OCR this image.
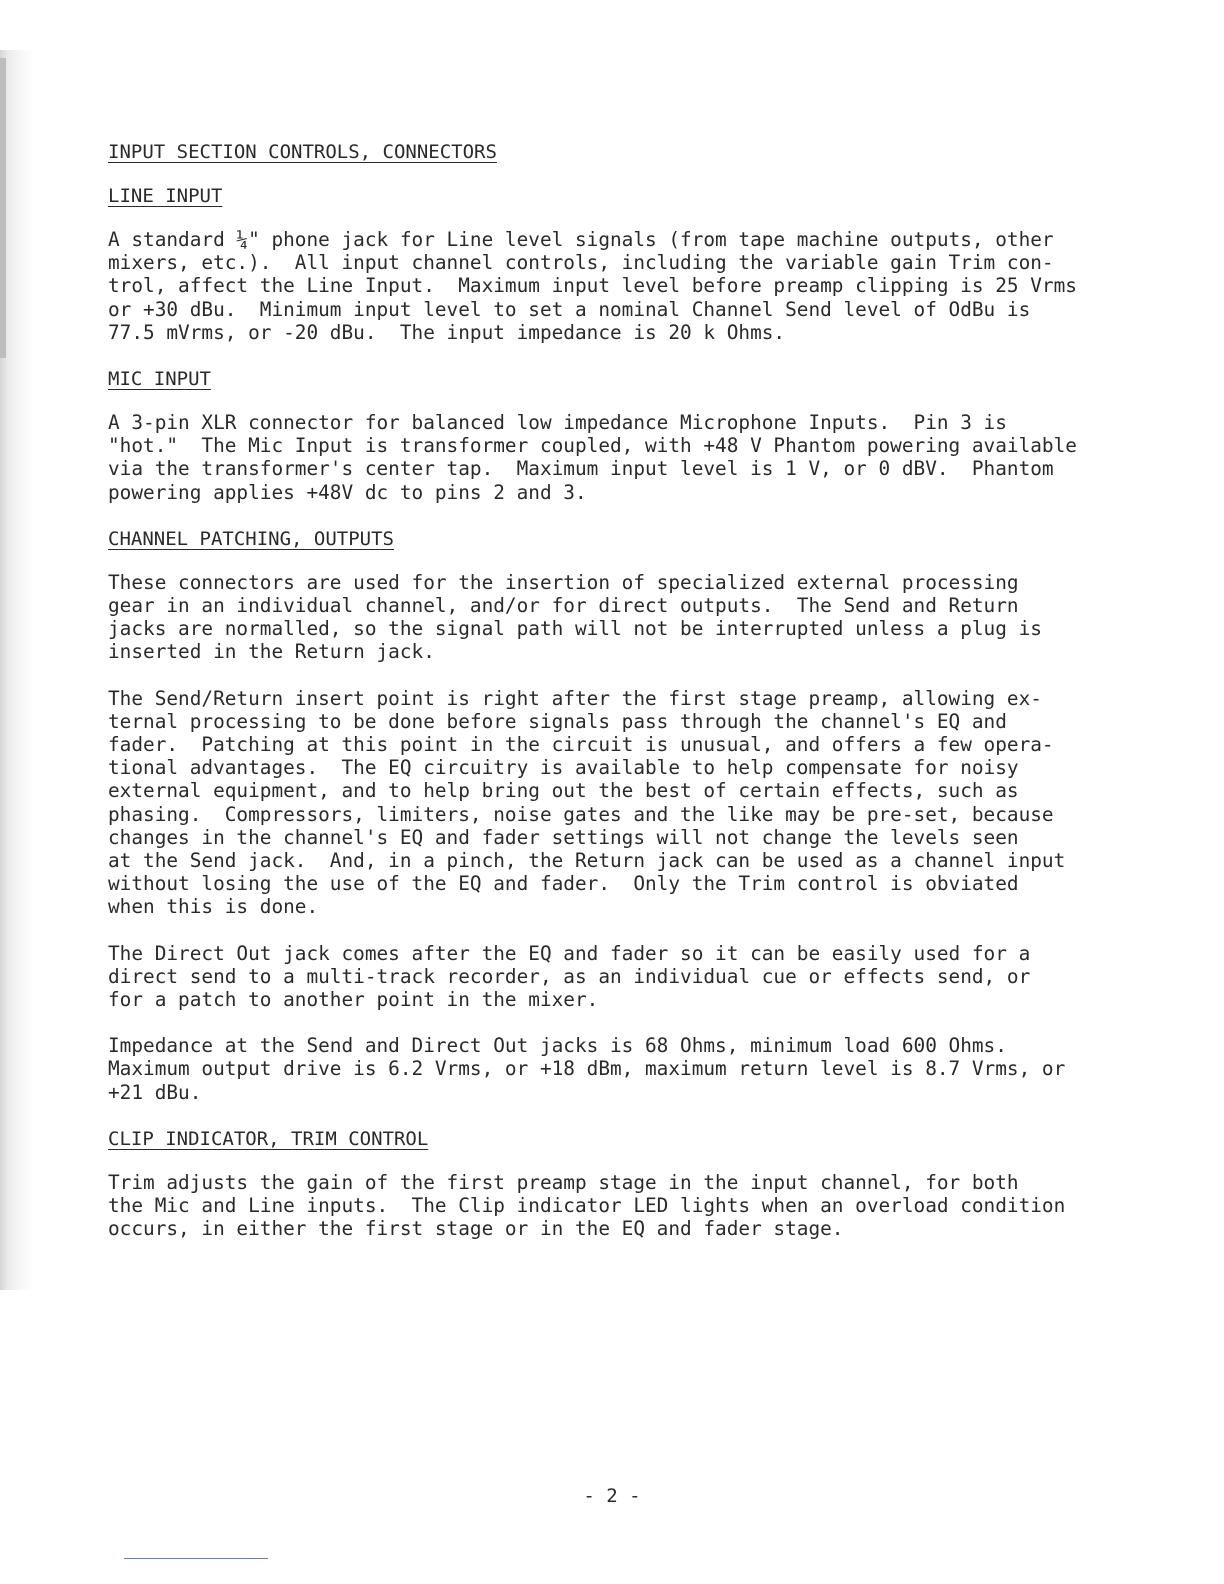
INPUT SECTION CONTROLS, CONNECTORS
LINE INPUT
A standard ¼" phone jack for Line level signals (from tape machine outputs, other
mixers, etc.).  All input channel controls, including the variable gain Trim con-
trol, affect the Line Input.  Maximum input level before preamp clipping is 25 Vrms
or +30 dBu.  Minimum input level to set a nominal Channel Send level of OdBu is
77.5 mVrms, or -20 dBu.  The input impedance is 20 k Ohms.
MIC INPUT
A 3-pin XLR connector for balanced low impedance Microphone Inputs.  Pin 3 is
"hot."  The Mic Input is transformer coupled, with +48 V Phantom powering available
via the transformer's center tap.  Maximum input level is 1 V, or 0 dBV.  Phantom
powering applies +48V dc to pins 2 and 3.
CHANNEL PATCHING, OUTPUTS
These connectors are used for the insertion of specialized external processing
gear in an individual channel, and/or for direct outputs.  The Send and Return
jacks are normalled, so the signal path will not be interrupted unless a plug is
inserted in the Return jack.
The Send/Return insert point is right after the first stage preamp, allowing ex-
ternal processing to be done before signals pass through the channel's EQ and
fader.  Patching at this point in the circuit is unusual, and offers a few opera-
tional advantages.  The EQ circuitry is available to help compensate for noisy
external equipment, and to help bring out the best of certain effects, such as
phasing.  Compressors, limiters, noise gates and the like may be pre-set, because
changes in the channel's EQ and fader settings will not change the levels seen
at the Send jack.  And, in a pinch, the Return jack can be used as a channel input
without losing the use of the EQ and fader.  Only the Trim control is obviated
when this is done.
The Direct Out jack comes after the EQ and fader so it can be easily used for a
direct send to a multi-track recorder, as an individual cue or effects send, or
for a patch to another point in the mixer.
Impedance at the Send and Direct Out jacks is 68 Ohms, minimum load 600 Ohms.
Maximum output drive is 6.2 Vrms, or +18 dBm, maximum return level is 8.7 Vrms, or
+21 dBu.
CLIP INDICATOR, TRIM CONTROL
Trim adjusts the gain of the first preamp stage in the input channel, for both
the Mic and Line inputs.  The Clip indicator LED lights when an overload condition
occurs, in either the first stage or in the EQ and fader stage.
- 2 -
